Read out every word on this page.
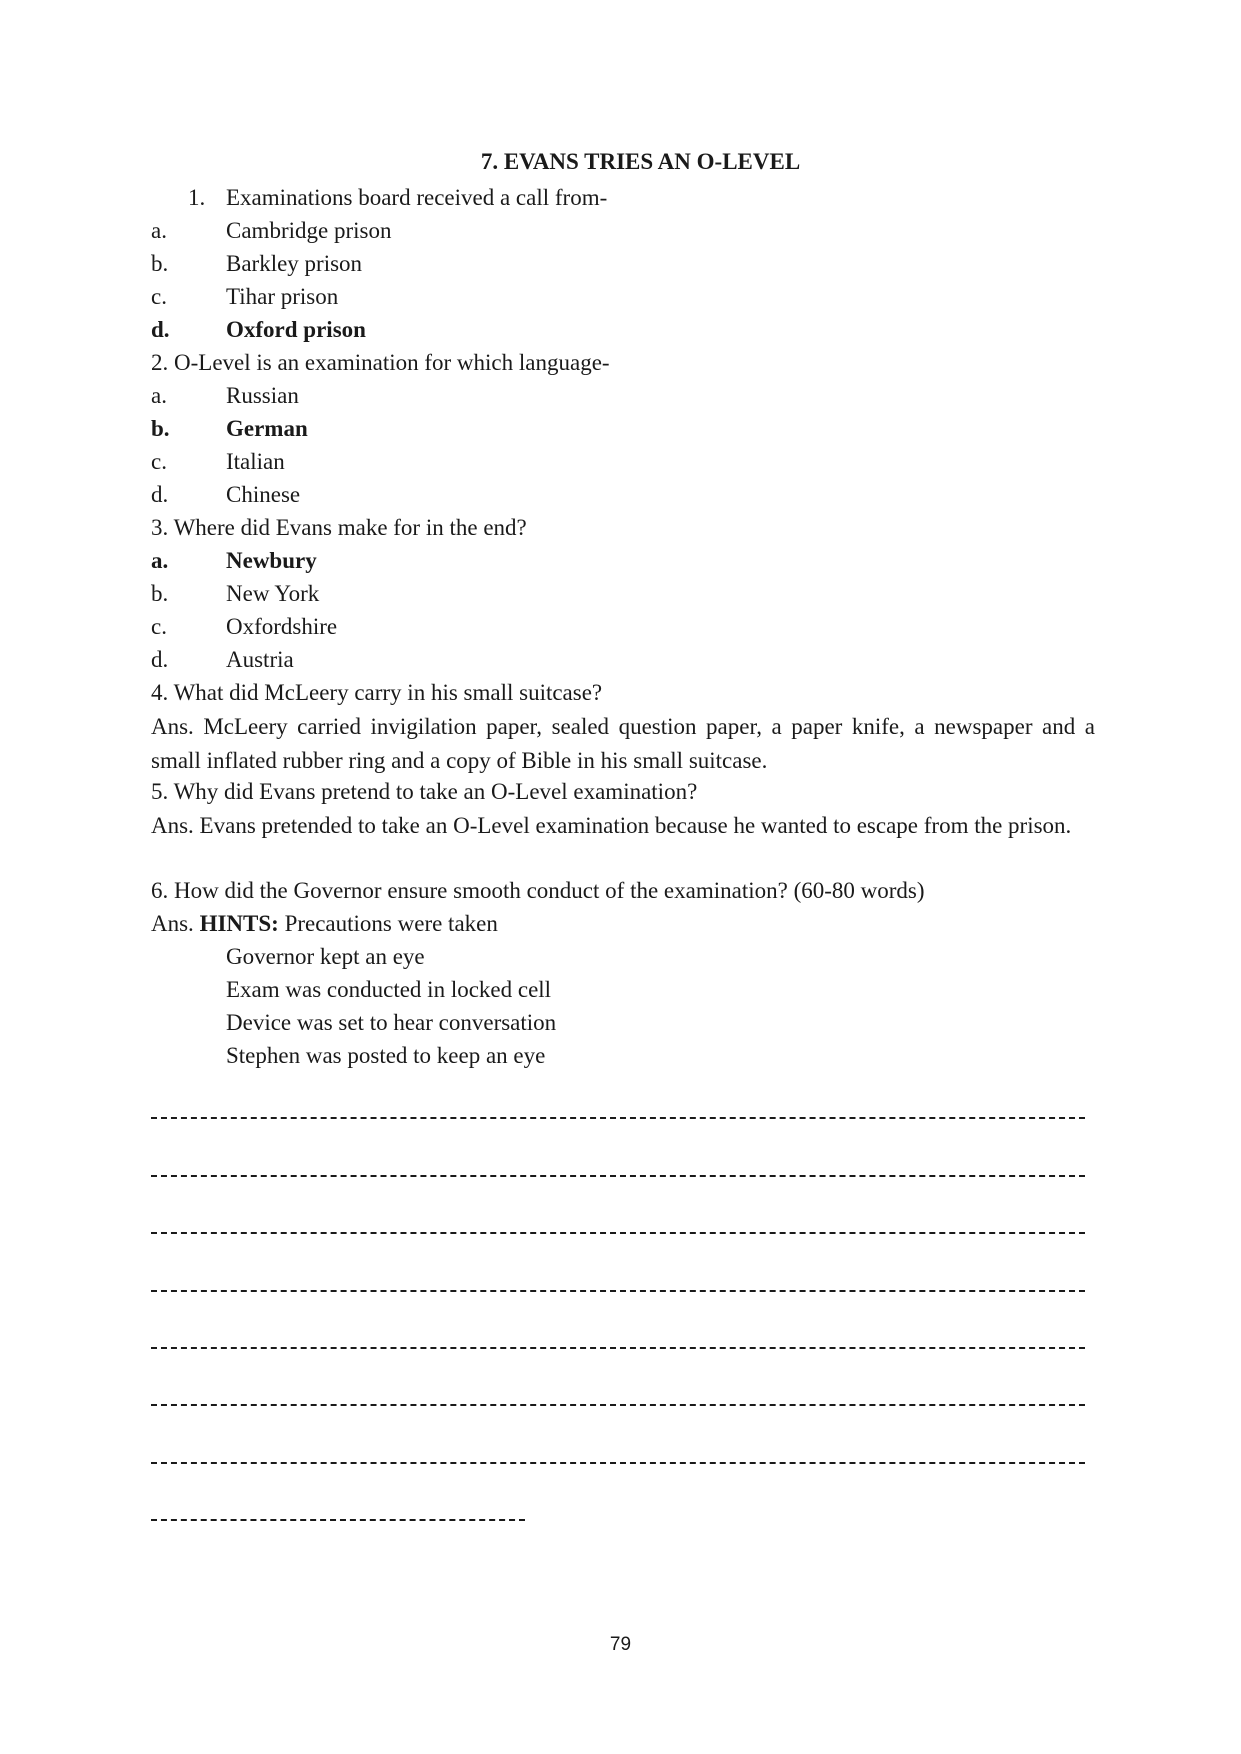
7. EVANS TRIES AN O-LEVEL
1. Examinations board received a call from-
a.	Cambridge prison
b.	Barkley prison
c.	Tihar prison
d. Oxford prison
2. O-Level is an examination for which language-
a.	Russian
b. German
c.	Italian
d.	Chinese
3. Where did Evans make for in the end?
a.	Newbury
b.	New York
c.	Oxfordshire
d.	Austria
4. What did McLeery carry in his small suitcase?
Ans. McLeery carried invigilation paper, sealed question paper, a paper knife, a newspaper and a small inflated rubber ring and a copy of Bible in his small suitcase.
5. Why did Evans pretend to take an O-Level examination?
Ans. Evans pretended to take an O-Level examination because he wanted to escape from the prison.
6. How did the Governor ensure smooth conduct of the examination? (60-80 words)
Ans. HINTS: Precautions were taken
Governor kept an eye
Exam was conducted in locked cell
Device was set to hear conversation
Stephen was posted to keep an eye
79
